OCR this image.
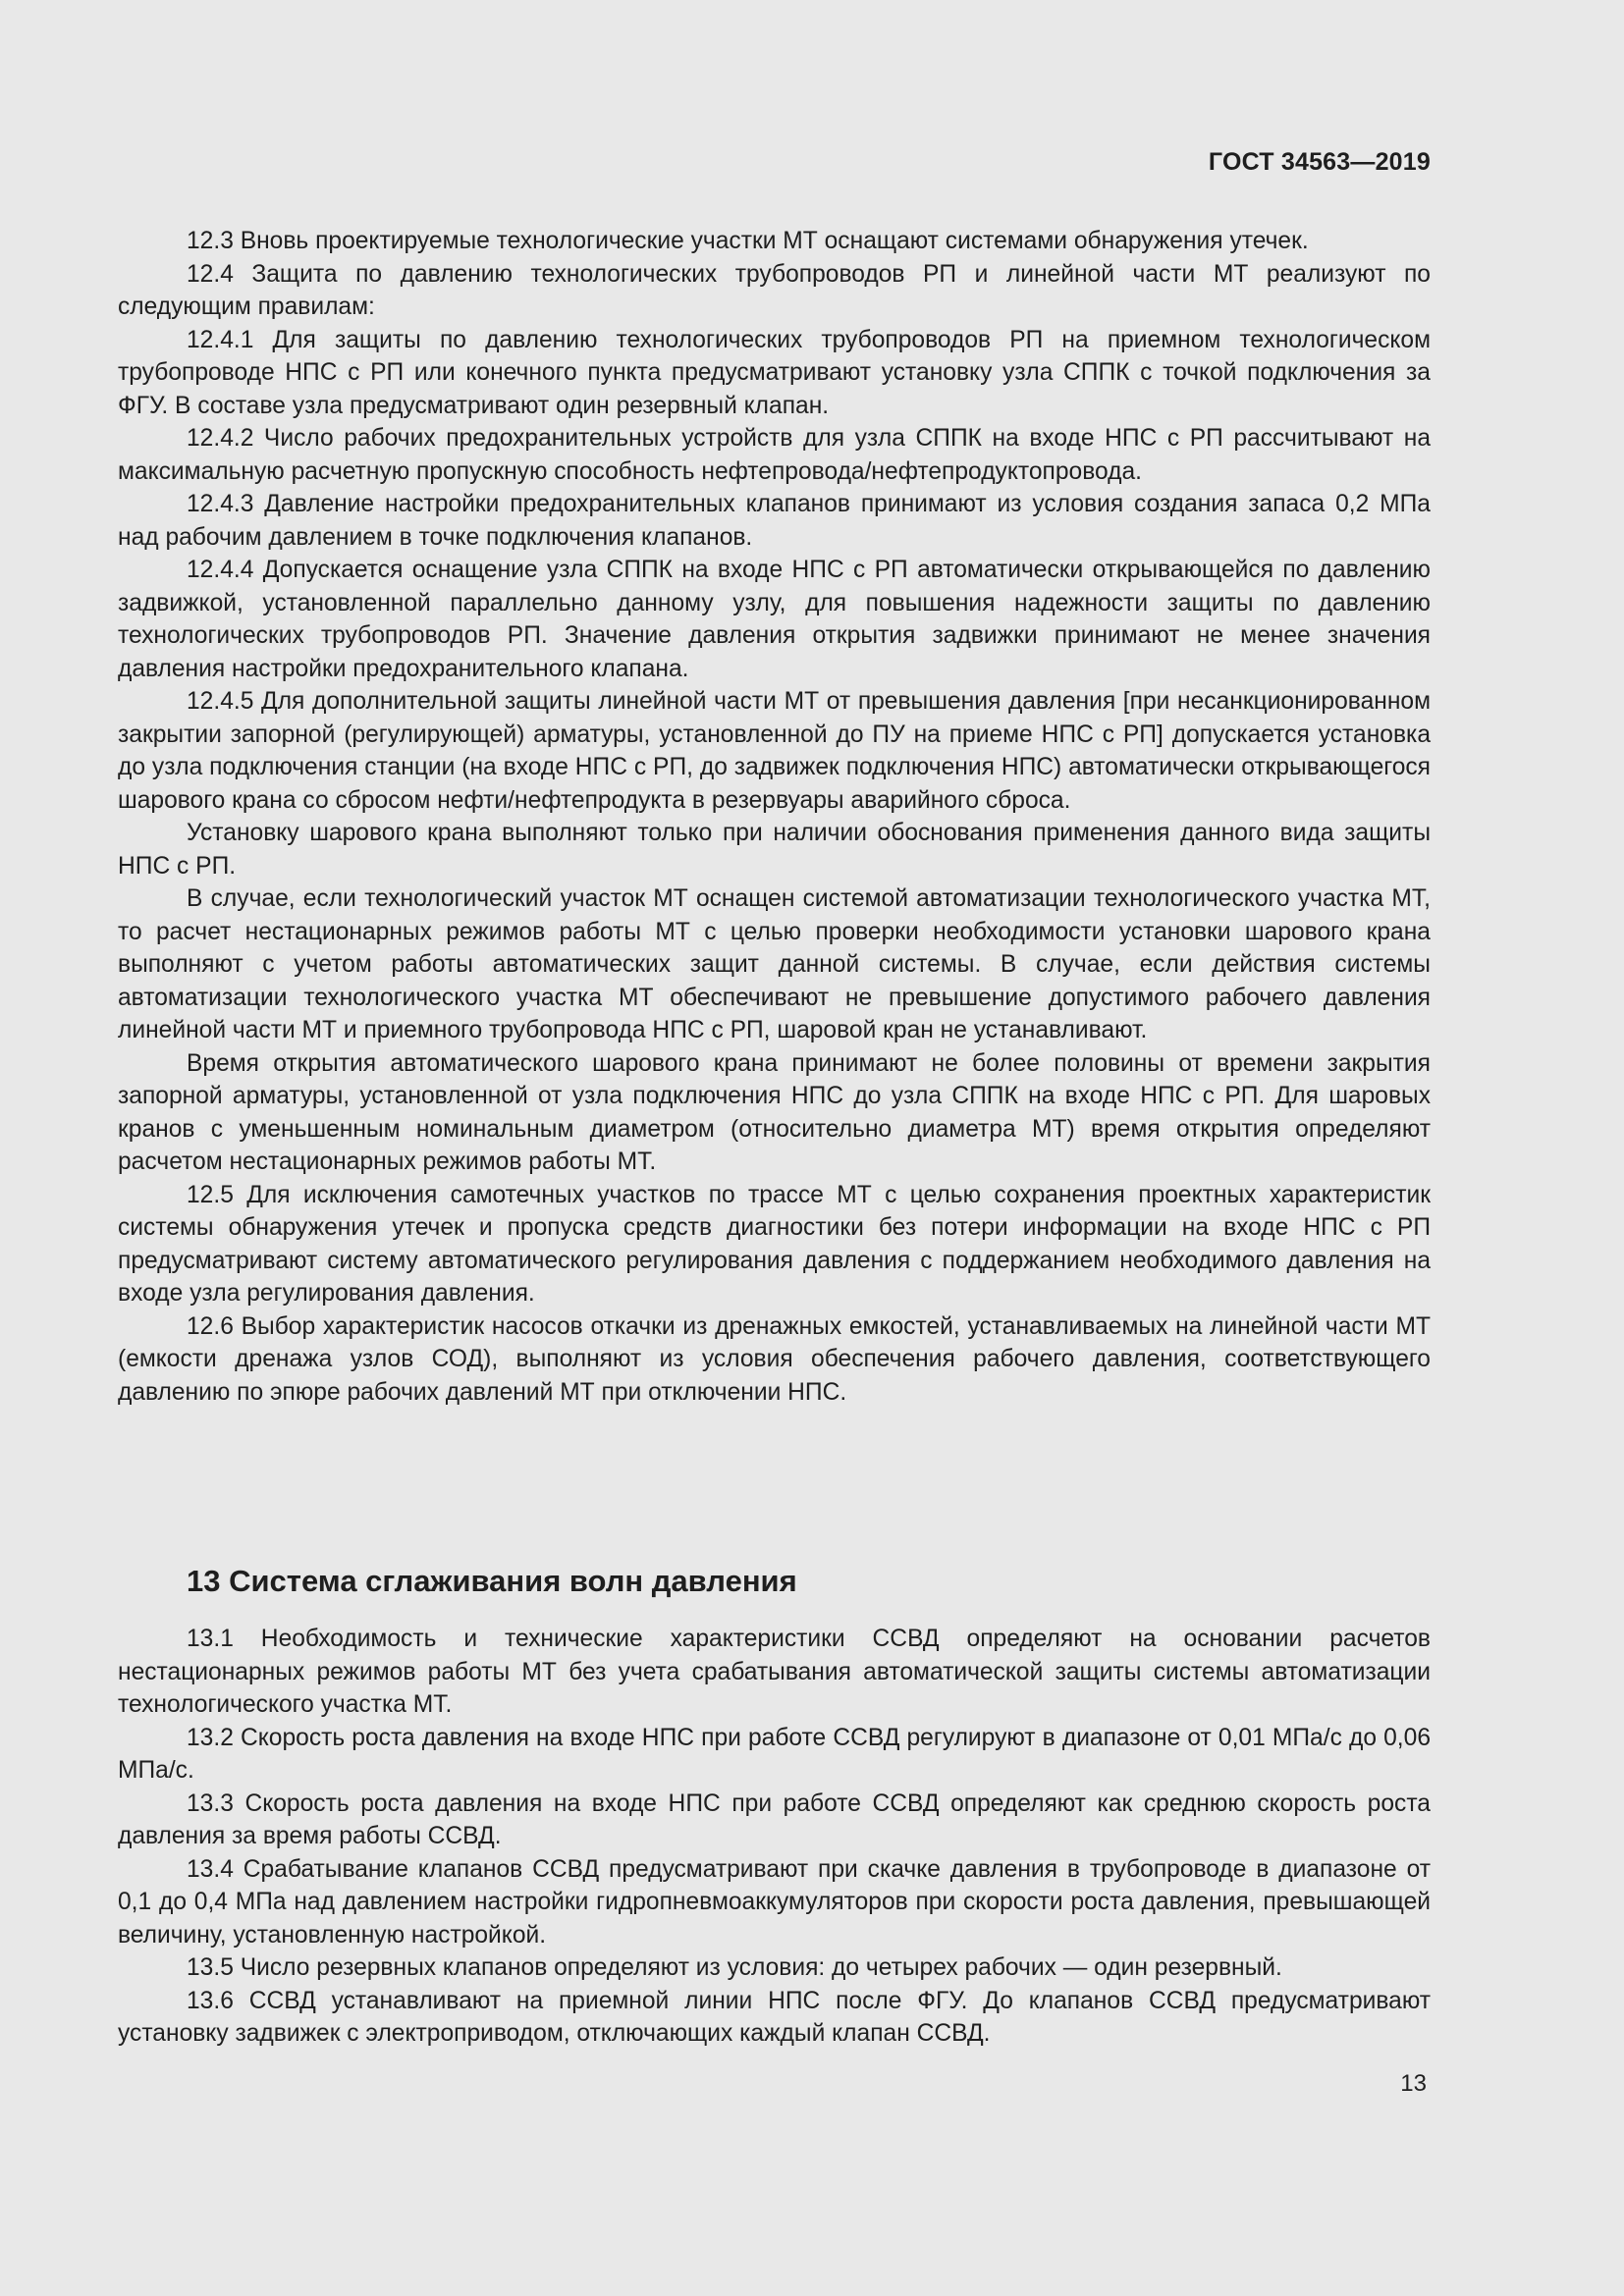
ГОСТ 34563—2019

12.3 Вновь проектируемые технологические участки МТ оснащают системами обнаружения утечек.

12.4 Защита по давлению технологических трубопроводов РП и линейной части МТ реализуют по следующим правилам:

12.4.1 Для защиты по давлению технологических трубопроводов РП на приемном технологическом трубопроводе НПС с РП или конечного пункта предусматривают установку узла СППК с точкой подключения за ФГУ. В составе узла предусматривают один резервный клапан.

12.4.2 Число рабочих предохранительных устройств для узла СППК на входе НПС с РП рассчитывают на максимальную расчетную пропускную способность нефтепровода/нефтепродуктопровода.

12.4.3 Давление настройки предохранительных клапанов принимают из условия создания запаса 0,2 МПа над рабочим давлением в точке подключения клапанов.

12.4.4 Допускается оснащение узла СППК на входе НПС с РП автоматически открывающейся по давлению задвижкой, установленной параллельно данному узлу, для повышения надежности защиты по давлению технологических трубопроводов РП. Значение давления открытия задвижки принимают не менее значения давления настройки предохранительного клапана.

12.4.5 Для дополнительной защиты линейной части МТ от превышения давления [при несанкционированном закрытии запорной (регулирующей) арматуры, установленной до ПУ на приеме НПС с РП] допускается установка до узла подключения станции (на входе НПС с РП, до задвижек подключения НПС) автоматически открывающегося шарового крана со сбросом нефти/нефтепродукта в резервуары аварийного сброса.

Установку шарового крана выполняют только при наличии обоснования применения данного вида защиты НПС с РП.

В случае, если технологический участок МТ оснащен системой автоматизации технологического участка МТ, то расчет нестационарных режимов работы МТ с целью проверки необходимости установки шарового крана выполняют с учетом работы автоматических защит данной системы. В случае, если действия системы автоматизации технологического участка МТ обеспечивают не превышение допустимого рабочего давления линейной части МТ и приемного трубопровода НПС с РП, шаровой кран не устанавливают.

Время открытия автоматического шарового крана принимают не более половины от времени закрытия запорной арматуры, установленной от узла подключения НПС до узла СППК на входе НПС с РП. Для шаровых кранов с уменьшенным номинальным диаметром (относительно диаметра МТ) время открытия определяют расчетом нестационарных режимов работы МТ.

12.5 Для исключения самотечных участков по трассе МТ с целью сохранения проектных характеристик системы обнаружения утечек и пропуска средств диагностики без потери информации на входе НПС с РП предусматривают систему автоматического регулирования давления с поддержанием необходимого давления на входе узла регулирования давления.

12.6 Выбор характеристик насосов откачки из дренажных емкостей, устанавливаемых на линейной части МТ (емкости дренажа узлов СОД), выполняют из условия обеспечения рабочего давления, соответствующего давлению по эпюре рабочих давлений МТ при отключении НПС.

13 Система сглаживания волн давления

13.1 Необходимость и технические характеристики ССВД определяют на основании расчетов нестационарных режимов работы МТ без учета срабатывания автоматической защиты системы автоматизации технологического участка МТ.

13.2 Скорость роста давления на входе НПС при работе ССВД регулируют в диапазоне от 0,01 МПа/с до 0,06 МПа/с.

13.3 Скорость роста давления на входе НПС при работе ССВД определяют как среднюю скорость роста давления за время работы ССВД.

13.4 Срабатывание клапанов ССВД предусматривают при скачке давления в трубопроводе в диапазоне от 0,1 до 0,4 МПа над давлением настройки гидропневмоаккумуляторов при скорости роста давления, превышающей величину, установленную настройкой.

13.5 Число резервных клапанов определяют из условия: до четырех рабочих — один резервный.

13.6 ССВД устанавливают на приемной линии НПС после ФГУ. До клапанов ССВД предусматривают установку задвижек с электроприводом, отключающих каждый клапан ССВД.

13
